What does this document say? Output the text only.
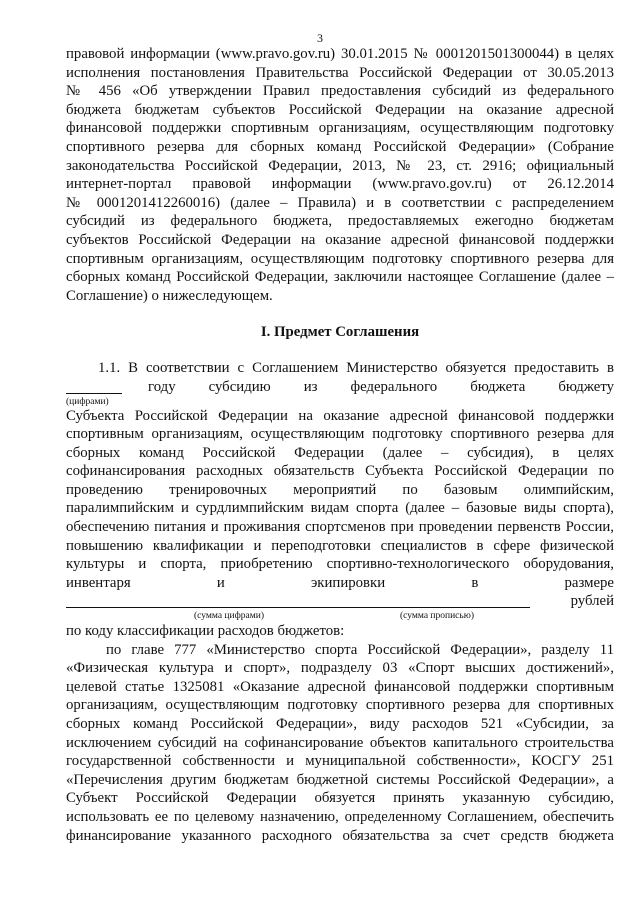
3
правовой информации (www.pravo.gov.ru) 30.01.2015 № 0001201501300044) в целях
исполнения постановления Правительства Российской Федерации от 30.05.2013
№ 456 «Об утверждении Правил предоставления субсидий из федерального
бюджета бюджетам субъектов Российской Федерации на оказание адресной
финансовой поддержки спортивным организациям, осуществляющим подготовку
спортивного резерва для сборных команд Российской Федерации» (Собрание
законодательства Российской Федерации, 2013, № 23, ст. 2916; официальный
интернет-портал правовой информации (www.pravo.gov.ru) от 26.12.2014
№ 0001201412260016) (далее – Правила) и в соответствии с распределением
субсидий из федерального бюджета, предоставляемых ежегодно бюджетам
субъектов Российской Федерации на оказание адресной финансовой поддержки
спортивным организациям, осуществляющим подготовку спортивного резерва для
сборных команд Российской Федерации, заключили настоящее Соглашение (далее –
Соглашение) о нижеследующем.
I. Предмет Соглашения
1.1. В соответствии с Соглашением Министерство обязуется предоставить в
году субсидию из федерального бюджета бюджету
(цифрами)
Субъекта Российской Федерации на оказание адресной финансовой поддержки
спортивным организациям, осуществляющим подготовку спортивного резерва для
сборных команд Российской Федерации (далее – субсидия), в целях
софинансирования расходных обязательств Субъекта Российской Федерации по
проведению тренировочных мероприятий по базовым олимпийским,
паралимпийским и сурдлимпийским видам спорта (далее – базовые виды спорта),
обеспечению питания и проживания спортсменов при проведении первенств России,
повышению квалификации и переподготовки специалистов в сфере физической
культуры и спорта, приобретению спортивно-технологического оборудования,
инвентаря и экипировки в размере
рублей
(сумма цифрами)	(сумма прописью)
по коду классификации расходов бюджетов:
по главе 777 «Министерство спорта Российской Федерации», разделу 11
«Физическая культура и спорт», подразделу 03 «Спорт высших достижений»,
целевой статье 1325081 «Оказание адресной финансовой поддержки спортивным
организациям, осуществляющим подготовку спортивного резерва для спортивных
сборных команд Российской Федерации», виду расходов 521 «Субсидии, за
исключением субсидий на софинансирование объектов капитального строительства
государственной собственности и муниципальной собственности», КОСГУ 251
«Перечисления другим бюджетам бюджетной системы Российской Федерации», а
Субъект Российской Федерации обязуется принять указанную субсидию,
использовать ее по целевому назначению, определенному Соглашением, обеспечить
финансирование указанного расходного обязательства за счет средств бюджета
